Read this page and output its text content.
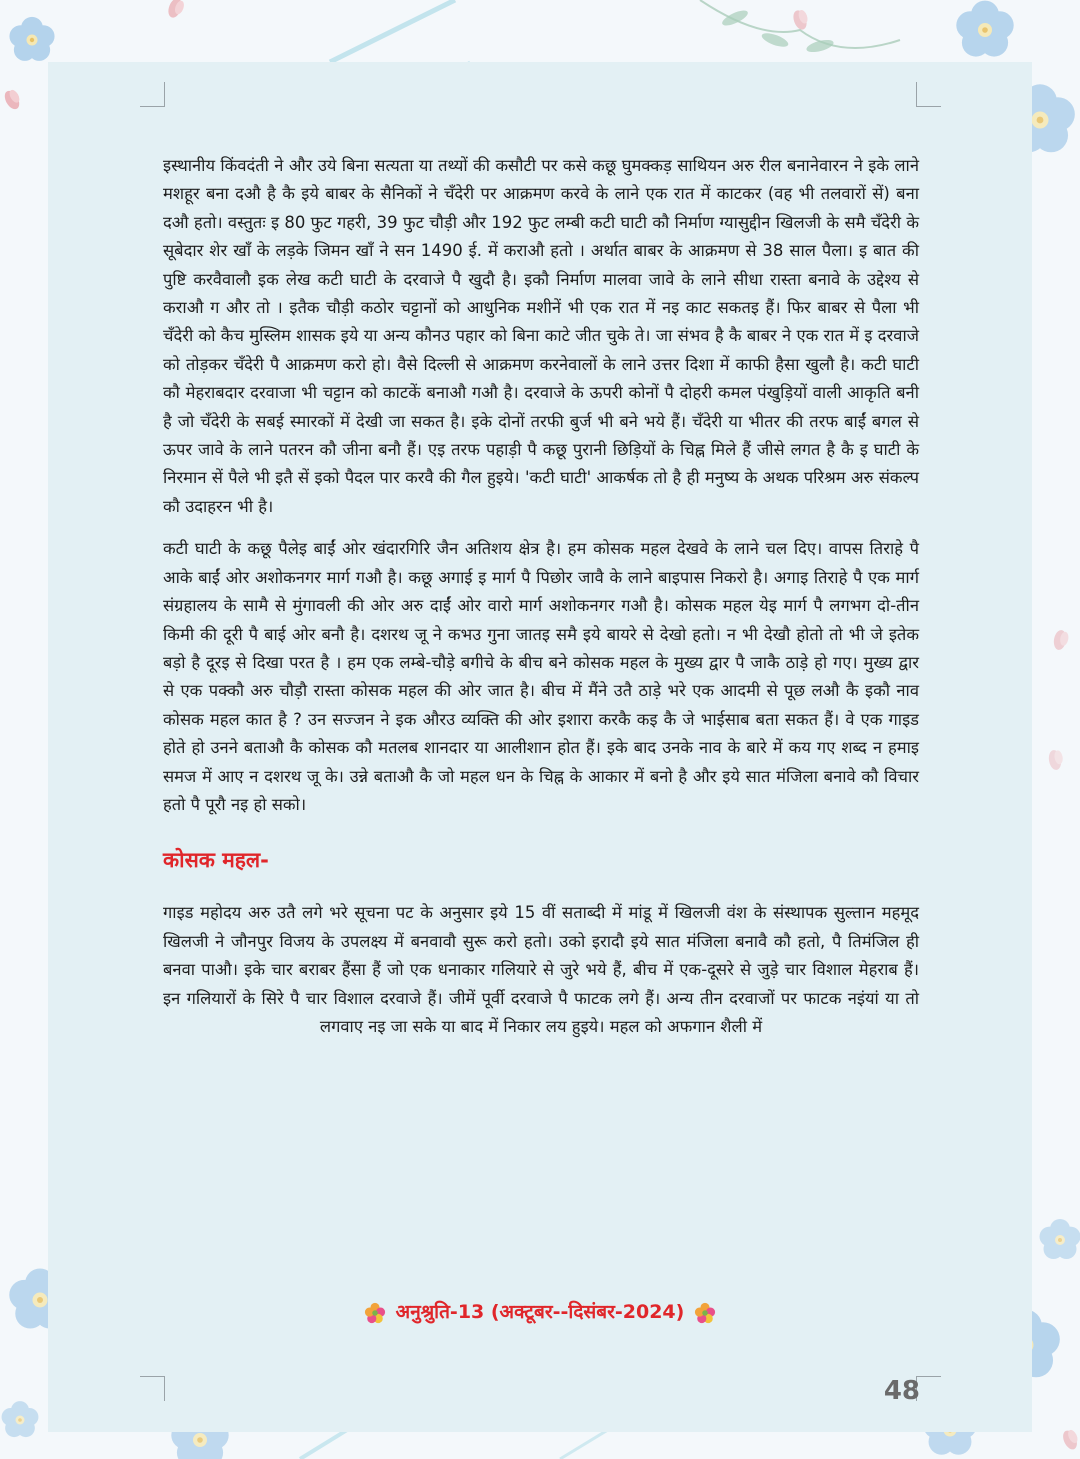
इस्थानीय किंवदंती ने और उये बिना सत्यता या तथ्यों की कसौटी पर कसे कछू घुमक्कड़ साथियन अरु रील बनानेवारन ने इके लाने मशहूर बना दऔ है कै इये बाबर के सैनिकों ने चँदेरी पर आक्रमण करवे के लाने एक रात में काटकर (वह भी तलवारों सें) बना दऔ हतो। वस्तुतः इ 80 फुट गहरी, 39 फुट चौड़ी और 192 फुट लम्बी कटी घाटी कौ निर्माण ग्यासुद्दीन खिलजी के समै चँदेरी के सूबेदार शेर खाँ के लड़के जिमन खाँ ने सन 1490 ई. में कराऔ हतो । अर्थात बाबर के आक्रमण से 38 साल पैला। इ बात की पुष्टि करवैवालौ इक लेख कटी घाटी के दरवाजे पै खुदौ है। इकौ निर्माण मालवा जावे के लाने सीधा रास्ता बनावे के उद्देश्य से कराऔ ग और तो । इतैक चौड़ी कठोर चट्टानों को आधुनिक मशीनें भी एक रात में नइ काट सकतइ हैं। फिर बाबर से पैला भी चँदेरी को कैच मुस्लिम शासक इये या अन्य कौनउ पहार को बिना काटे जीत चुके ते। जा संभव है कै बाबर ने एक रात में इ दरवाजे को तोड़कर चँदेरी पै आक्रमण करो हो। वैसे दिल्ली से आक्रमण करनेवालों के लाने उत्तर दिशा में काफी हैसा खुलौ है। कटी घाटी कौ मेहराबदार दरवाजा भी चट्टान को काटकें बनाऔ गऔ है। दरवाजे के ऊपरी कोनों पै दोहरी कमल पंखुड़ियों वाली आकृति बनी है जो चँदेरी के सबई स्मारकों में देखी जा सकत है। इके दोनों तरफी बुर्ज भी बने भये हैं। चँदेरी या भीतर की तरफ बाईं बगल से ऊपर जावे के लाने पतरन कौ जीना बनौ हैं। एइ तरफ पहाड़ी पै कछू पुरानी छिड़ियों के चिह्न मिले हैं जीसे लगत है कै इ घाटी के निरमान सें पैले भी इतै सें इको पैदल पार करवै की गैल हुइये। 'कटी घाटी' आकर्षक तो है ही मनुष्य के अथक परिश्रम अरु संकल्प कौ उदाहरन भी है।

कटी घाटी के कछू पैलेइ बाईं ओर खंदारगिरि जैन अतिशय क्षेत्र है। हम कोसक महल देखवे के लाने चल दिए। वापस तिराहे पै आके बाईं ओर अशोकनगर मार्ग गऔ है। कछू अगाई इ मार्ग पै पिछोर जावै के लाने बाइपास निकरो है। अगाइ तिराहे पै एक मार्ग संग्रहालय के सामै से मुंगावली की ओर अरु दाईं ओर वारो मार्ग अशोकनगर गऔ है। कोसक महल येइ मार्ग पै लगभग दो-तीन किमी की दूरी पै बाई ओर बनौ है। दशरथ जू ने कभउ गुना जातइ समै इये बायरे से देखो हतो। न भी देखौ होतो तो भी जे इतेक बड़ो है दूरइ से दिखा परत है । हम एक लम्बे-चौड़े बगीचे के बीच बने कोसक महल के मुख्य द्वार पै जाकै ठाड़े हो गए। मुख्य द्वार से एक पक्कौ अरु चौड़ौ रास्ता कोसक महल की ओर जात है। बीच में मैंने उतै ठाड़े भरे एक आदमी से पूछ लऔ कै इकौ नाव कोसक महल कात है ? उन सज्जन ने इक औरउ व्यक्ति की ओर इशारा करकै कइ कै जे भाईसाब बता सकत हैं। वे एक गाइड होते हो उनने बताऔ कै कोसक कौ मतलब शानदार या आलीशान होत हैं। इके बाद उनके नाव के बारे में कय गए शब्द न हमाइ समज में आए न दशरथ जू के। उन्ने बताऔ कै जो महल धन के चिह्न के आकार में बनो है और इये सात मंजिला बनावे कौ विचार हतो पै पूरौ नइ हो सको।

कोसक महल-

गाइड महोदय अरु उतै लगे भरे सूचना पट के अनुसार इये 15 वीं सताब्दी में मांडू में खिलजी वंश के संस्थापक सुल्तान महमूद खिलजी ने जौनपुर विजय के उपलक्ष्य में बनवावौ सुरू करो हतो। उको इरादौ इये सात मंजिला बनावै कौ हतो, पै तिमंजिल ही बनवा पाऔ। इके चार बराबर हैंसा हैं जो एक धनाकार गलियारे से जुरे भये हैं, बीच में एक-दूसरे से जुड़े चार विशाल मेहराब हैं। इन गलियारों के सिरे पै चार विशाल दरवाजे हैं। जीमें पूर्वी दरवाजे पै फाटक लगे हैं। अन्य तीन दरवाजों पर फाटक नइंयां या तो लगवाए नइ जा सके या बाद में निकार लय हुइये। महल को अफगान शैली में

अनुश्रुति-13 (अक्टूबर--दिसंबर-2024)
48
